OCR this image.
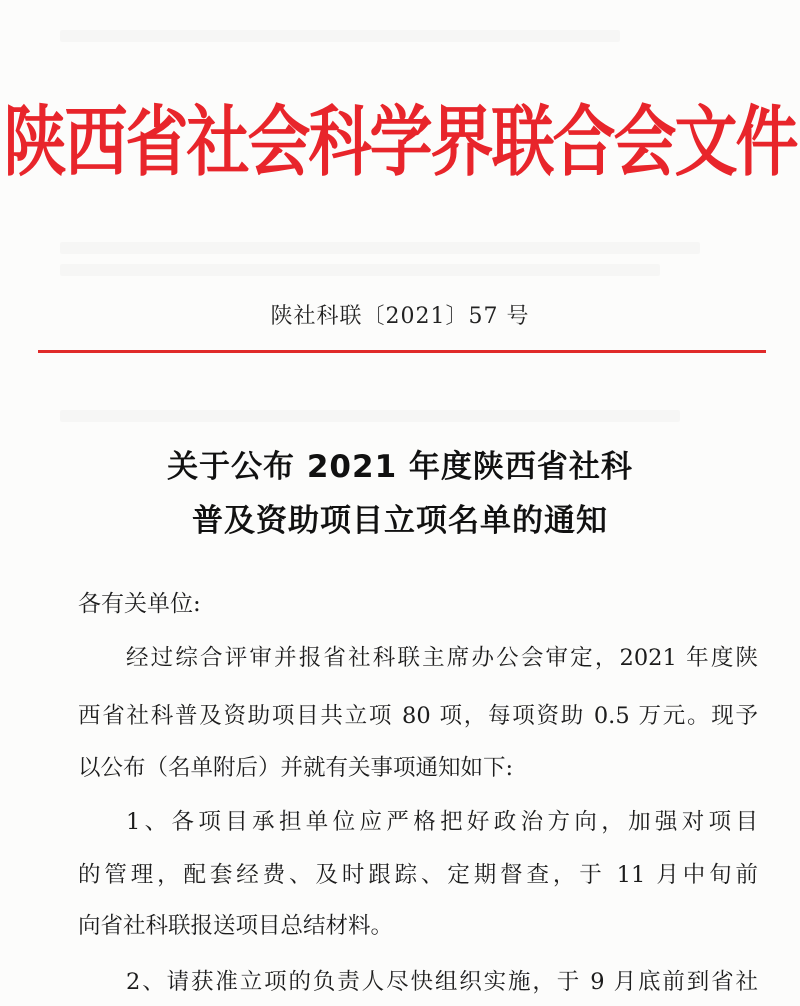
陕西省社会科学界联合会文件
陕社科联〔2021〕57 号
关于公布 2021 年度陕西省社科
普及资助项目立项名单的通知
各有关单位:
经过综合评审并报省社科联主席办公会审定，2021 年度陕
西省社科普及资助项目共立项 80 项，每项资助 0.5 万元。现予
以公布（名单附后）并就有关事项通知如下:
1、各项目承担单位应严格把好政治方向，加强对项目
的管理，配套经费、及时跟踪、定期督查，于 11 月中旬前
向省社科联报送项目总结材料。
2、请获准立项的负责人尽快组织实施，于 9 月底前到省社
